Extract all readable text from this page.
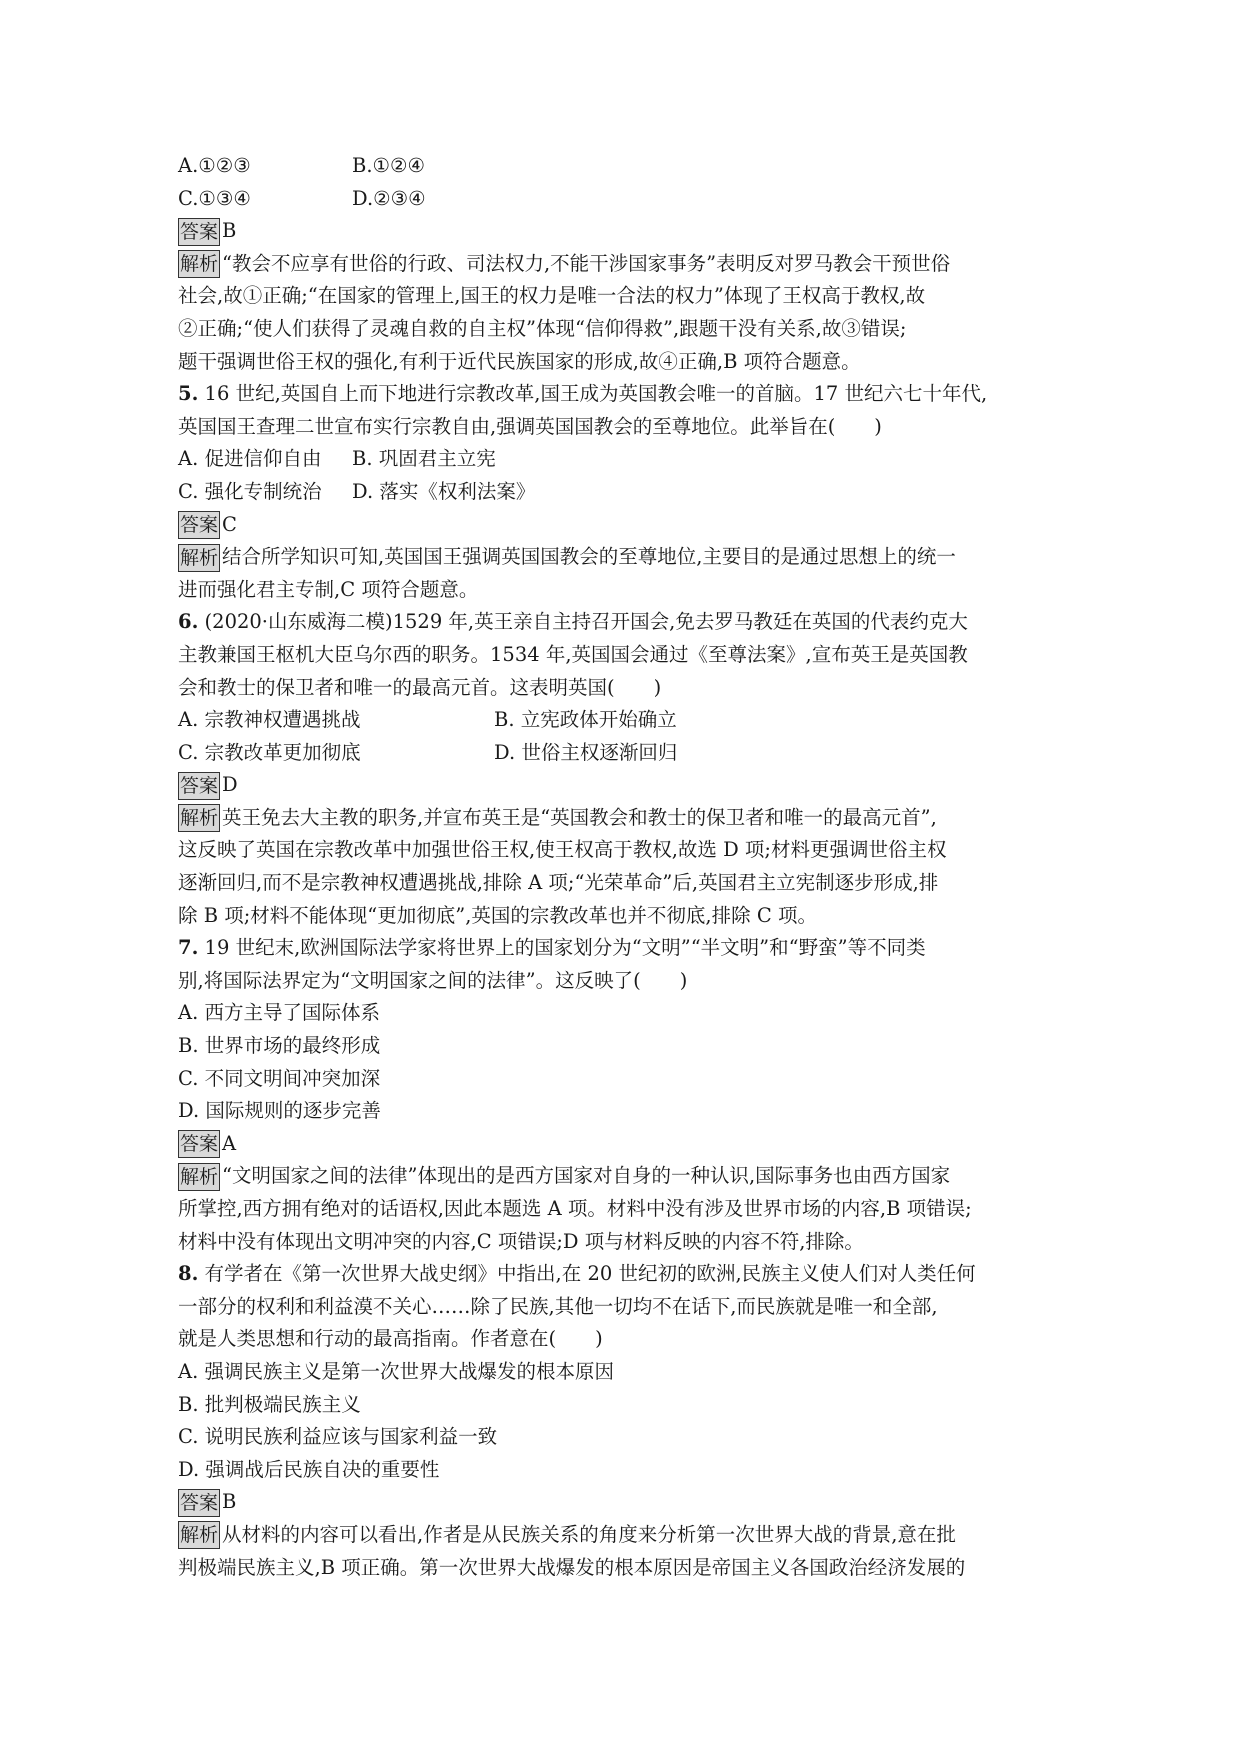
A.①②③	B.①②④
C.①③④	D.②③④
答案 B
解析 “教会不应享有世俗的行政、司法权力,不能干涉国家事务”表明反对罗马教会干预世俗
社会,故①正确;“在国家的管理上,国王的权力是唯一合法的权力”体现了王权高于教权,故
②正确;“使人们获得了灵魂自救的自主权”体现“信仰得救”,跟题干没有关系,故③错误;
题干强调世俗王权的强化,有利于近代民族国家的形成,故④正确,B 项符合题意。
5. 16 世纪,英国自上而下地进行宗教改革,国王成为英国教会唯一的首脑。17 世纪六七十年代,
英国国王查理二世宣布实行宗教自由,强调英国国教会的至尊地位。此举旨在(　　)
A. 促进信仰自由	B. 巩固君主立宪
C. 强化专制统治	D. 落实《权利法案》
答案 C
解析 结合所学知识可知,英国国王强调英国国教会的至尊地位,主要目的是通过思想上的统一
进而强化君主专制,C 项符合题意。
6. (2020·山东威海二模)1529 年,英王亲自主持召开国会,免去罗马教廷在英国的代表约克大
主教兼国王枢机大臣乌尔西的职务。1534 年,英国国会通过《至尊法案》,宣布英王是英国教
会和教士的保卫者和唯一的最高元首。这表明英国(　　)
A. 宗教神权遭遇挑战	B. 立宪政体开始确立
C. 宗教改革更加彻底	D. 世俗主权逐渐回归
答案 D
解析 英王免去大主教的职务,并宣布英王是“英国教会和教士的保卫者和唯一的最高元首”,
这反映了英国在宗教改革中加强世俗王权,使王权高于教权,故选 D 项;材料更强调世俗主权
逐渐回归,而不是宗教神权遭遇挑战,排除 A 项;“光荣革命”后,英国君主立宪制逐步形成,排
除 B 项;材料不能体现“更加彻底”,英国的宗教改革也并不彻底,排除 C 项。
7. 19 世纪末,欧洲国际法学家将世界上的国家划分为“文明”“半文明”和“野蛮”等不同类
别,将国际法界定为“文明国家之间的法律”。这反映了(　　)
A. 西方主导了国际体系
B. 世界市场的最终形成
C. 不同文明间冲突加深
D. 国际规则的逐步完善
答案 A
解析 “文明国家之间的法律”体现出的是西方国家对自身的一种认识,国际事务也由西方国家
所掌控,西方拥有绝对的话语权,因此本题选 A 项。材料中没有涉及世界市场的内容,B 项错误;
材料中没有体现出文明冲突的内容,C 项错误;D 项与材料反映的内容不符,排除。
8. 有学者在《第一次世界大战史纲》中指出,在 20 世纪初的欧洲,民族主义使人们对人类任何
一部分的权利和利益漠不关心……除了民族,其他一切均不在话下,而民族就是唯一和全部,
就是人类思想和行动的最高指南。作者意在(　　)
A. 强调民族主义是第一次世界大战爆发的根本原因
B. 批判极端民族主义
C. 说明民族利益应该与国家利益一致
D. 强调战后民族自决的重要性
答案 B
解析 从材料的内容可以看出,作者是从民族关系的角度来分析第一次世界大战的背景,意在批
判极端民族主义,B 项正确。第一次世界大战爆发的根本原因是帝国主义各国政治经济发展的
